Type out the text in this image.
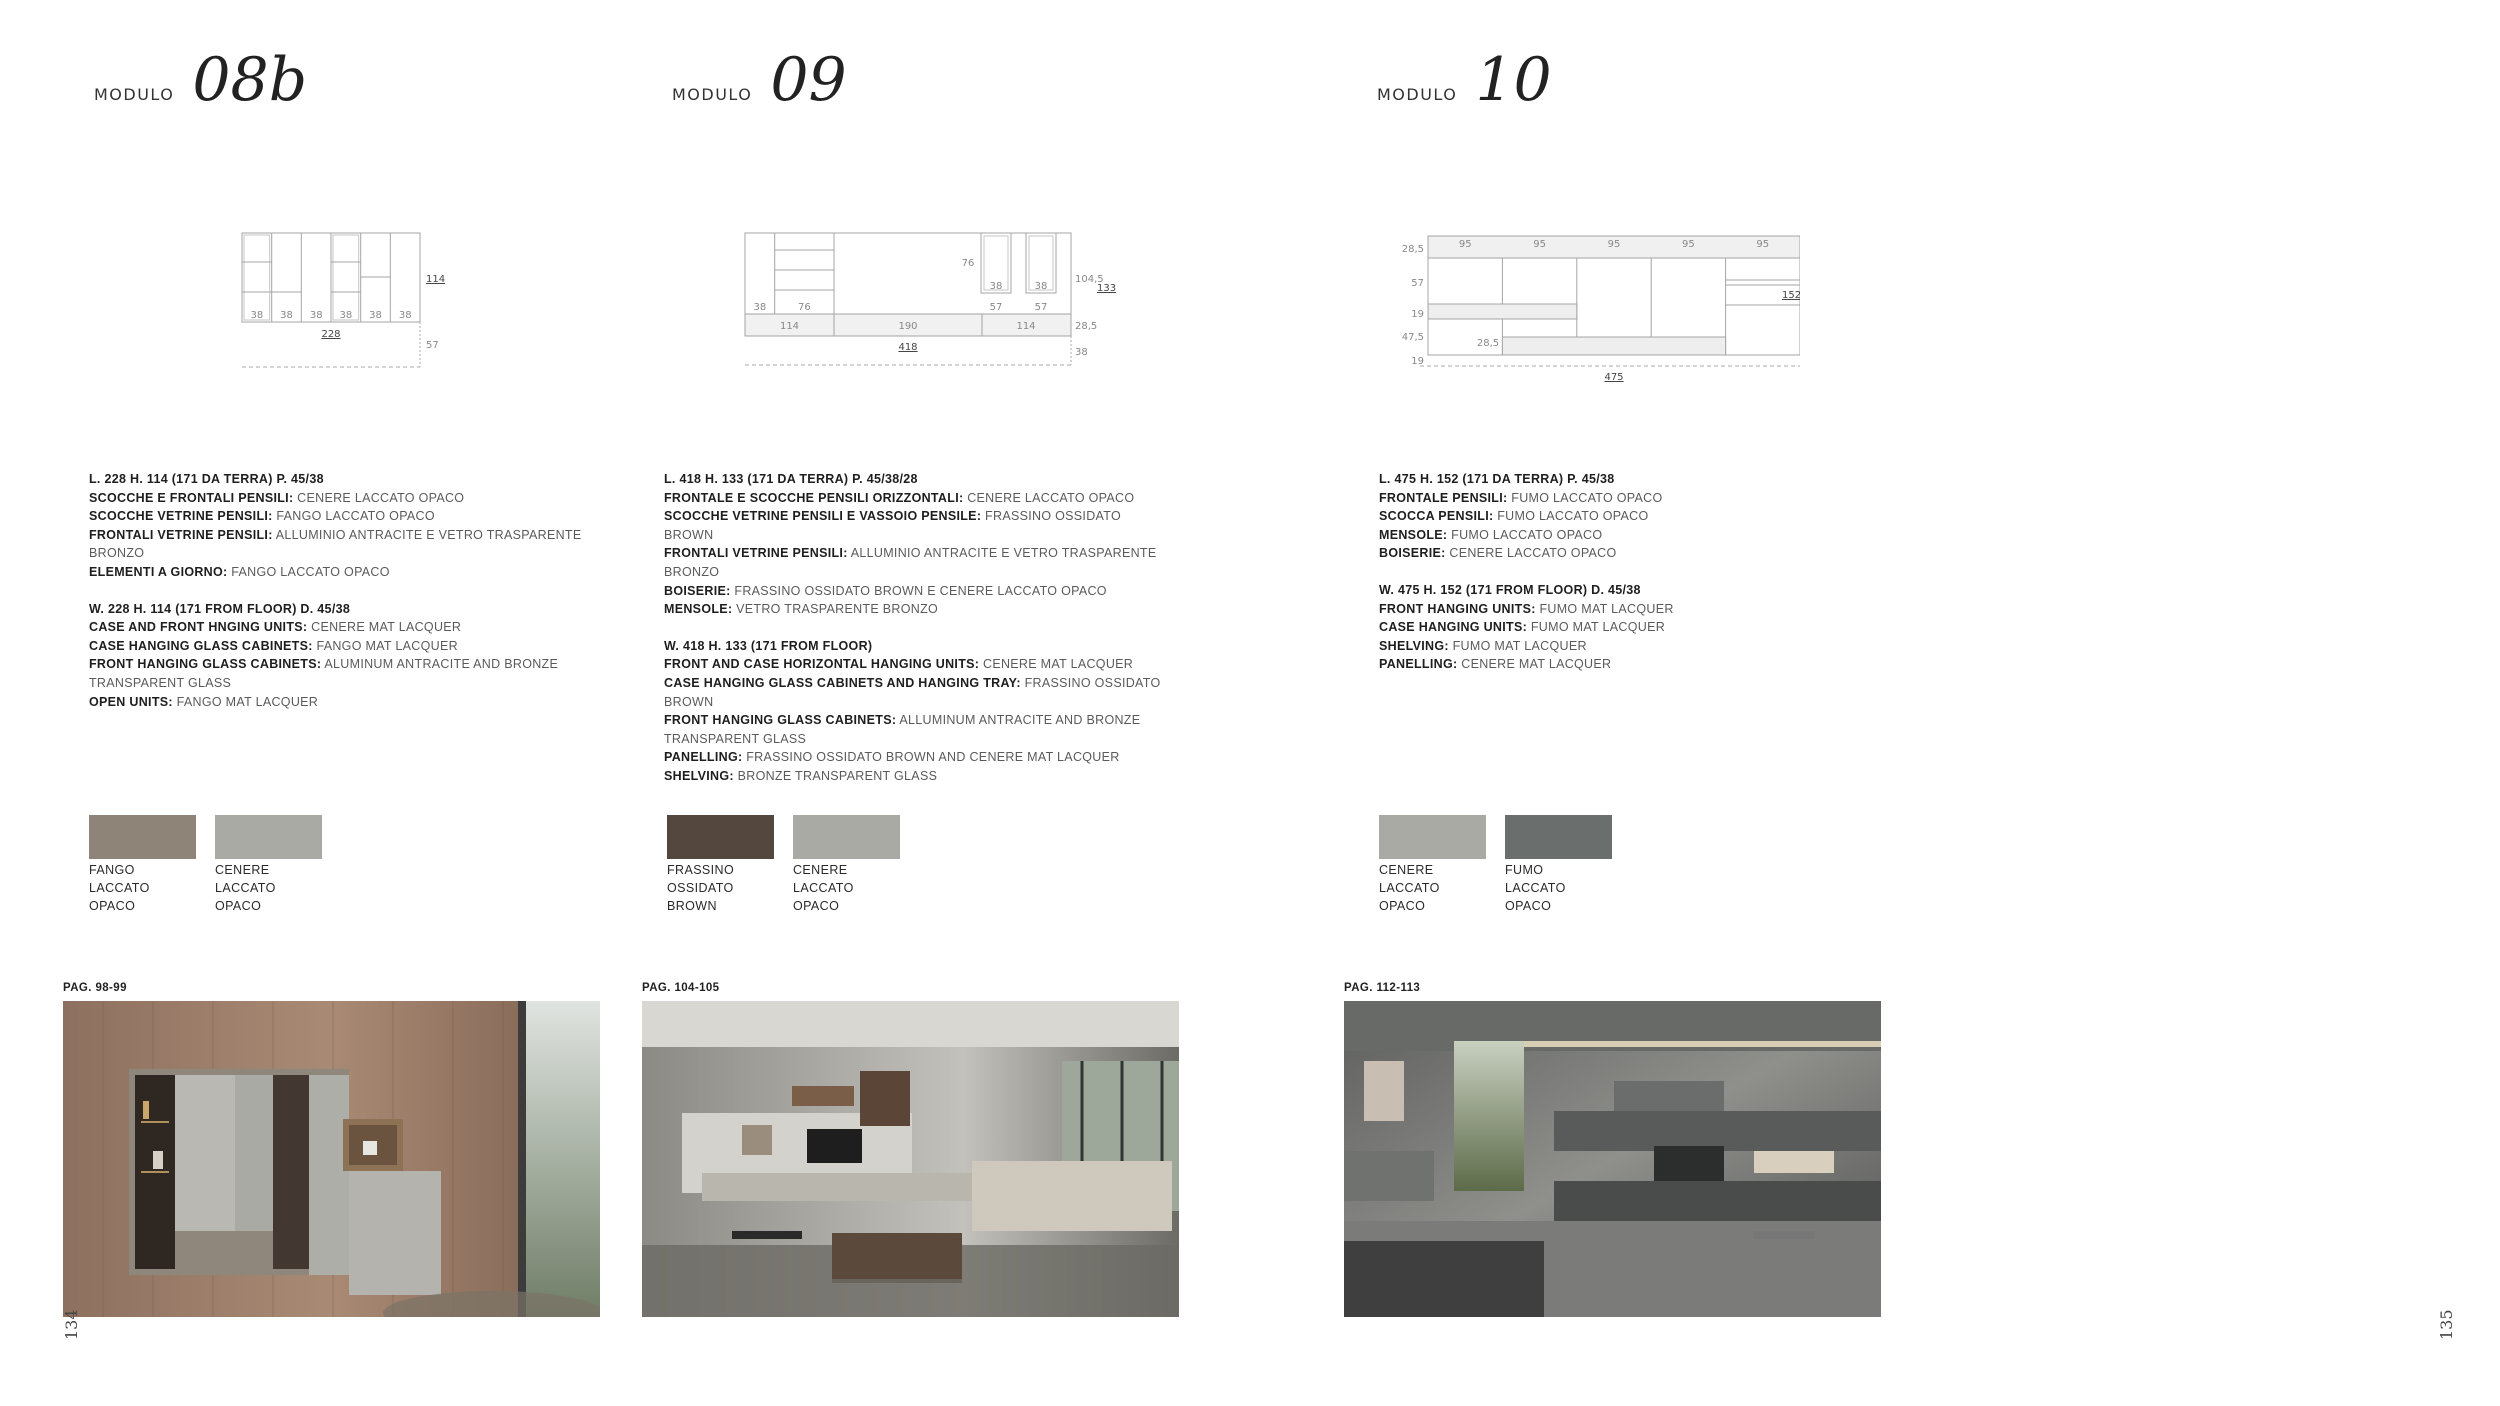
MODULO 08b
38 38 38 38 38 38
228
114
57

L. 228 H. 114 (171 DA TERRA) P. 45/38

SCOCCHE E FRONTALI PENSILI: CENERE LACCATO OPACO

SCOCCHE VETRINE PENSILI: FANGO LACCATO OPACO

FRONTALI VETRINE PENSILI: ALLUMINIO ANTRACITE E VETRO TRASPARENTE BRONZO

ELEMENTI A GIORNO: FANGO LACCATO OPACO

W. 228 H. 114 (171 FROM FLOOR) D. 45/38

CASE AND FRONT HNGING UNITS: CENERE MAT LACQUER

CASE HANGING GLASS CABINETS: FANGO MAT LACQUER

FRONT HANGING GLASS CABINETS: ALUMINUM ANTRACITE AND BRONZE TRANSPARENT GLASS

OPEN UNITS: FANGO MAT LACQUER

FANGO
LACCATO OPACO
CENERE
LACCATO OPACO
PAG. 98-99
134
MODULO 09
38	76
76
38	38
57	57
114	190	114
418
104,5
133
28,5
38

L. 418 H. 133 (171 DA TERRA) P. 45/38/28

FRONTALE E SCOCCHE PENSILI ORIZZONTALI: CENERE LACCATO OPACO

SCOCCHE VETRINE PENSILI E VASSOIO PENSILE: FRASSINO OSSIDATO BROWN

FRONTALI VETRINE PENSILI: ALLUMINIO ANTRACITE E VETRO TRASPARENTE BRONZO

BOISERIE: FRASSINO OSSIDATO BROWN E CENERE LACCATO OPACO

MENSOLE: VETRO TRASPARENTE BRONZO

W. 418 H. 133 (171 FROM FLOOR)

FRONT AND CASE HORIZONTAL HANGING UNITS: CENERE MAT LACQUER

CASE HANGING GLASS CABINETS AND HANGING TRAY: FRASSINO OSSIDATO BROWN

FRONT HANGING GLASS CABINETS: ALLUMINUM ANTRACITE AND BRONZE TRANSPARENT GLASS

PANELLING: FRASSINO OSSIDATO BROWN AND CENERE MAT LACQUER

SHELVING: BRONZE TRANSPARENT GLASS

FRASSINO
OSSIDATO BROWN
CENERE
LACCATO OPACO
PAG. 104-105
MODULO 10
95	95	95	95	95
28,5
57
19
47,5
19
28,5
475
152

L. 475 H. 152 (171 DA TERRA) P. 45/38

FRONTALE PENSILI: FUMO LACCATO OPACO

SCOCCA PENSILI: FUMO LACCATO OPACO

MENSOLE: FUMO LACCATO OPACO

BOISERIE: CENERE LACCATO OPACO

W. 475 H. 152 (171 FROM FLOOR) D. 45/38

FRONT HANGING UNITS: FUMO MAT LACQUER

CASE HANGING UNITS: FUMO MAT LACQUER

SHELVING: FUMO MAT LACQUER

PANELLING: CENERE MAT LACQUER

CENERE
LACCATO OPACO
FUMO
LACCATO OPACO
PAG. 112-113
135
